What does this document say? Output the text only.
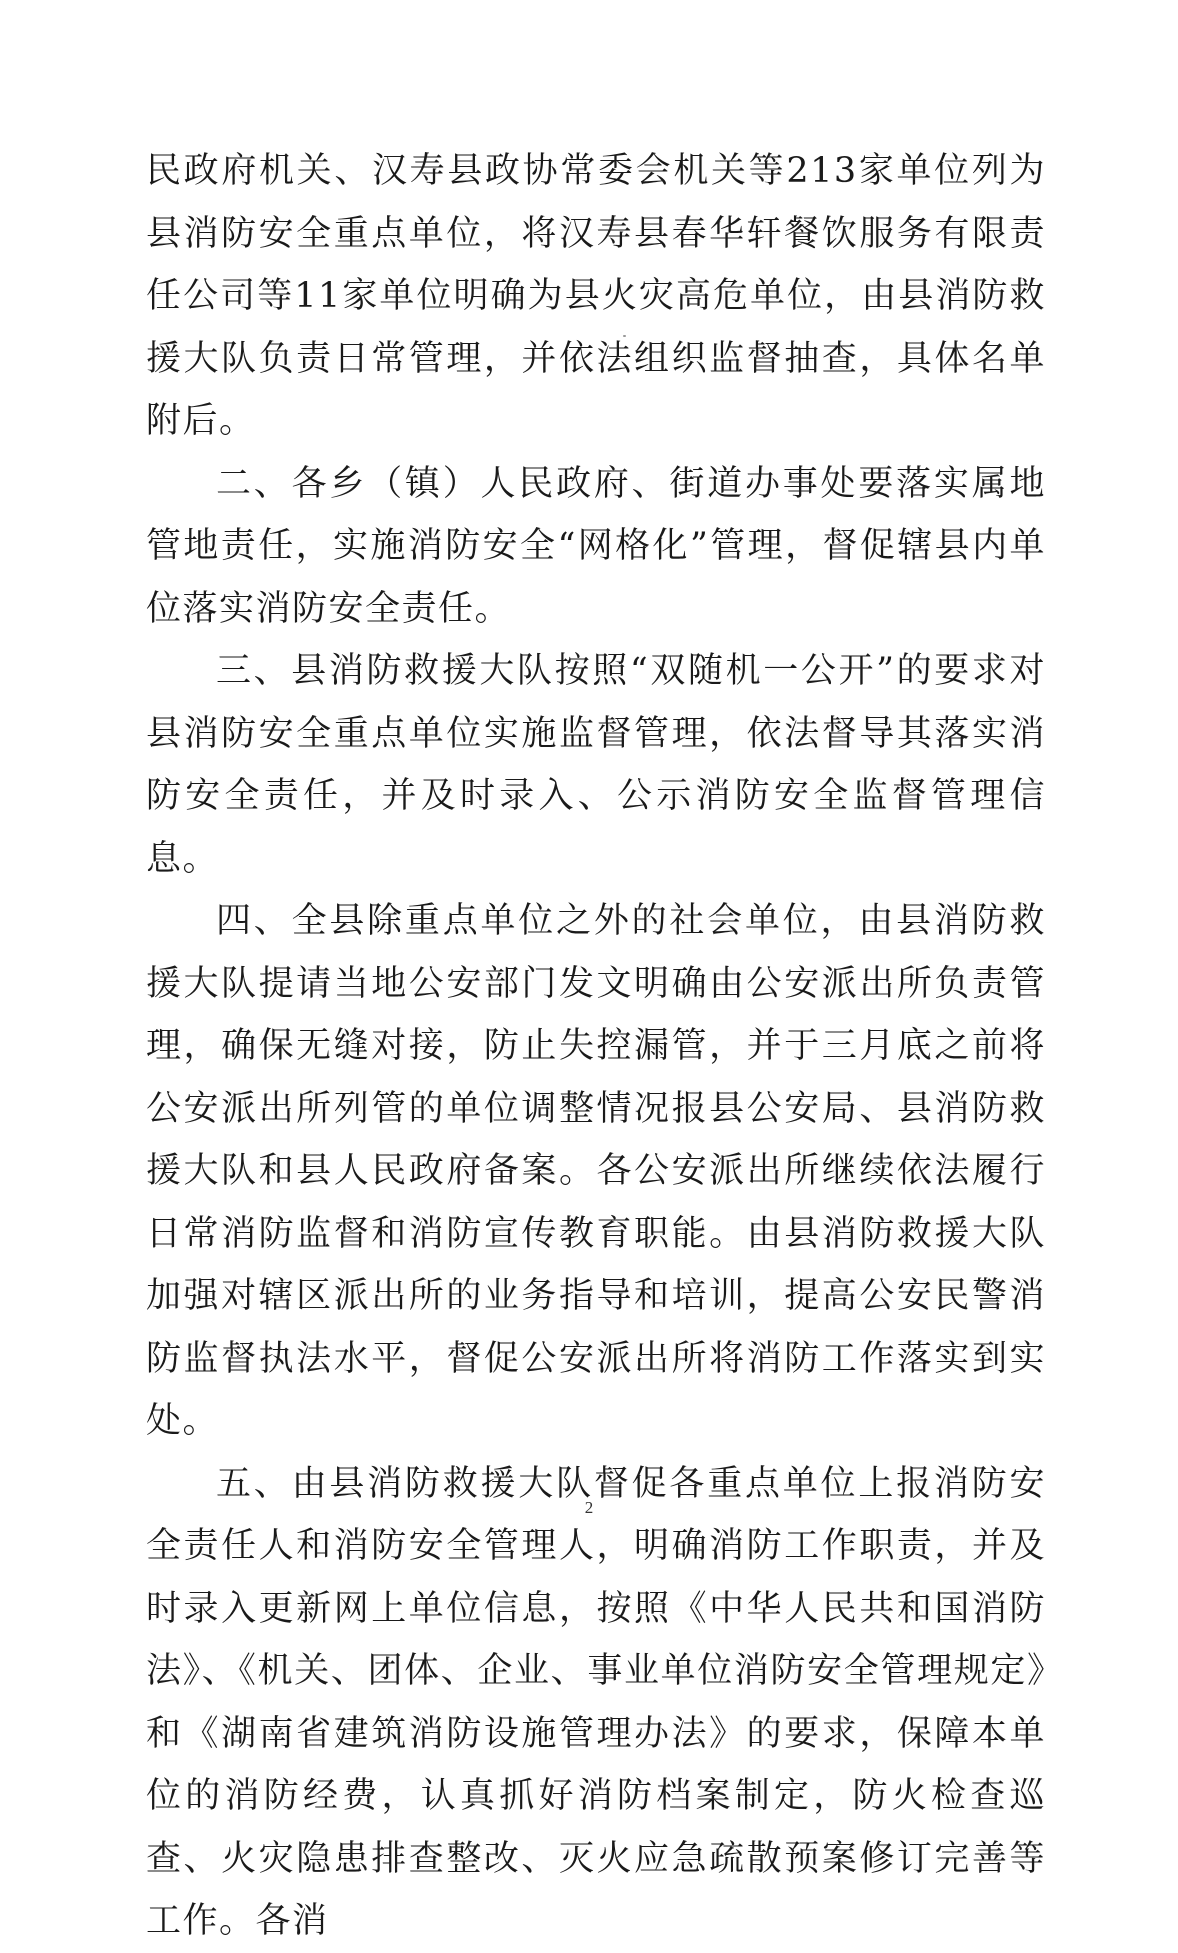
民政府机关、汉寿县政协常委会机关等213家单位列为县消防安全重点单位，将汉寿县春华轩餐饮服务有限责任公司等11家单位明确为县火灾高危单位，由县消防救援大队负责日常管理，并依法组织监督抽查，具体名单附后。

二、各乡（镇）人民政府、街道办事处要落实属地管地责任，实施消防安全“网格化”管理，督促辖县内单位落实消防安全责任。

三、县消防救援大队按照“双随机一公开”的要求对县消防安全重点单位实施监督管理，依法督导其落实消防安全责任，并及时录入、公示消防安全监督管理信息。

四、全县除重点单位之外的社会单位，由县消防救援大队提请当地公安部门发文明确由公安派出所负责管理，确保无缝对接，防止失控漏管，并于三月底之前将公安派出所列管的单位调整情况报县公安局、县消防救援大队和县人民政府备案。各公安派出所继续依法履行日常消防监督和消防宣传教育职能。由县消防救援大队加强对辖区派出所的业务指导和培训，提高公安民警消防监督执法水平，督促公安派出所将消防工作落实到实处。

五、由县消防救援大队督促各重点单位上报消防安全责任人和消防安全管理人，明确消防工作职责，并及时录入更新网上单位信息，按照《中华人民共和国消防法》、《机关、团体、企业、事业单位消防安全管理规定》和《湖南省建筑消防设施管理办法》的要求，保障本单位的消防经费，认真抓好消防档案制定，防火检查巡查、火灾隐患排查整改、灭火应急疏散预案修订完善等工作。各消

2
